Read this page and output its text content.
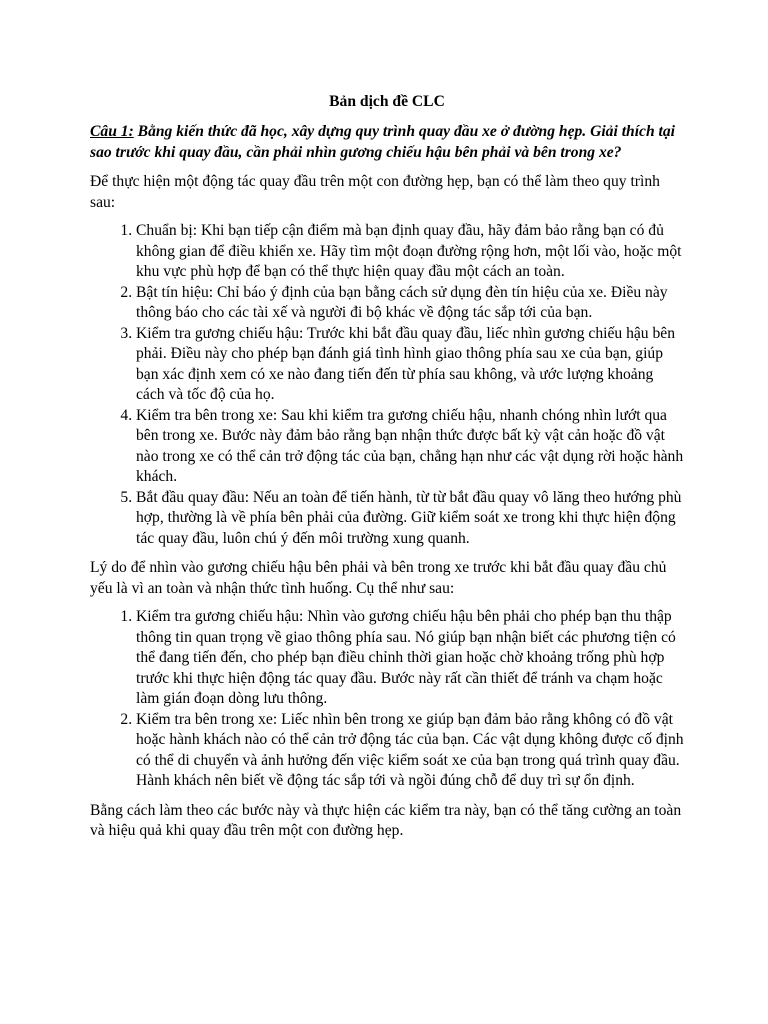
Bản dịch đề CLC
Câu 1: Bằng kiến thức đã học, xây dựng quy trình quay đầu xe ở đường hẹp. Giải thích tại sao trước khi quay đầu, cần phải nhìn gương chiếu hậu bên phải và bên trong xe?

Để thực hiện một động tác quay đầu trên một con đường hẹp, bạn có thể làm theo quy trình sau:

1. Chuẩn bị: Khi bạn tiếp cận điểm mà bạn định quay đầu, hãy đảm bảo rằng bạn có đủ không gian để điều khiển xe. Hãy tìm một đoạn đường rộng hơn, một lối vào, hoặc một khu vực phù hợp để bạn có thể thực hiện quay đầu một cách an toàn.
2. Bật tín hiệu: Chỉ báo ý định của bạn bằng cách sử dụng đèn tín hiệu của xe. Điều này thông báo cho các tài xế và người đi bộ khác về động tác sắp tới của bạn.
3. Kiểm tra gương chiếu hậu: Trước khi bắt đầu quay đầu, liếc nhìn gương chiếu hậu bên phải. Điều này cho phép bạn đánh giá tình hình giao thông phía sau xe của bạn, giúp bạn xác định xem có xe nào đang tiến đến từ phía sau không, và ước lượng khoảng cách và tốc độ của họ.
4. Kiểm tra bên trong xe: Sau khi kiểm tra gương chiếu hậu, nhanh chóng nhìn lướt qua bên trong xe. Bước này đảm bảo rằng bạn nhận thức được bất kỳ vật cản hoặc đồ vật nào trong xe có thể cản trở động tác của bạn, chẳng hạn như các vật dụng rời hoặc hành khách.
5. Bắt đầu quay đầu: Nếu an toàn để tiến hành, từ từ bắt đầu quay vô lăng theo hướng phù hợp, thường là về phía bên phải của đường. Giữ kiểm soát xe trong khi thực hiện động tác quay đầu, luôn chú ý đến môi trường xung quanh.

Lý do để nhìn vào gương chiếu hậu bên phải và bên trong xe trước khi bắt đầu quay đầu chủ yếu là vì an toàn và nhận thức tình huống. Cụ thể như sau:

1. Kiểm tra gương chiếu hậu: Nhìn vào gương chiếu hậu bên phải cho phép bạn thu thập thông tin quan trọng về giao thông phía sau. Nó giúp bạn nhận biết các phương tiện có thể đang tiến đến, cho phép bạn điều chỉnh thời gian hoặc chờ khoảng trống phù hợp trước khi thực hiện động tác quay đầu. Bước này rất cần thiết để tránh va chạm hoặc làm gián đoạn dòng lưu thông.
2. Kiểm tra bên trong xe: Liếc nhìn bên trong xe giúp bạn đảm bảo rằng không có đồ vật hoặc hành khách nào có thể cản trở động tác của bạn. Các vật dụng không được cố định có thể di chuyển và ảnh hưởng đến việc kiểm soát xe của bạn trong quá trình quay đầu. Hành khách nên biết về động tác sắp tới và ngồi đúng chỗ để duy trì sự ổn định.

Bằng cách làm theo các bước này và thực hiện các kiểm tra này, bạn có thể tăng cường an toàn và hiệu quả khi quay đầu trên một con đường hẹp.
